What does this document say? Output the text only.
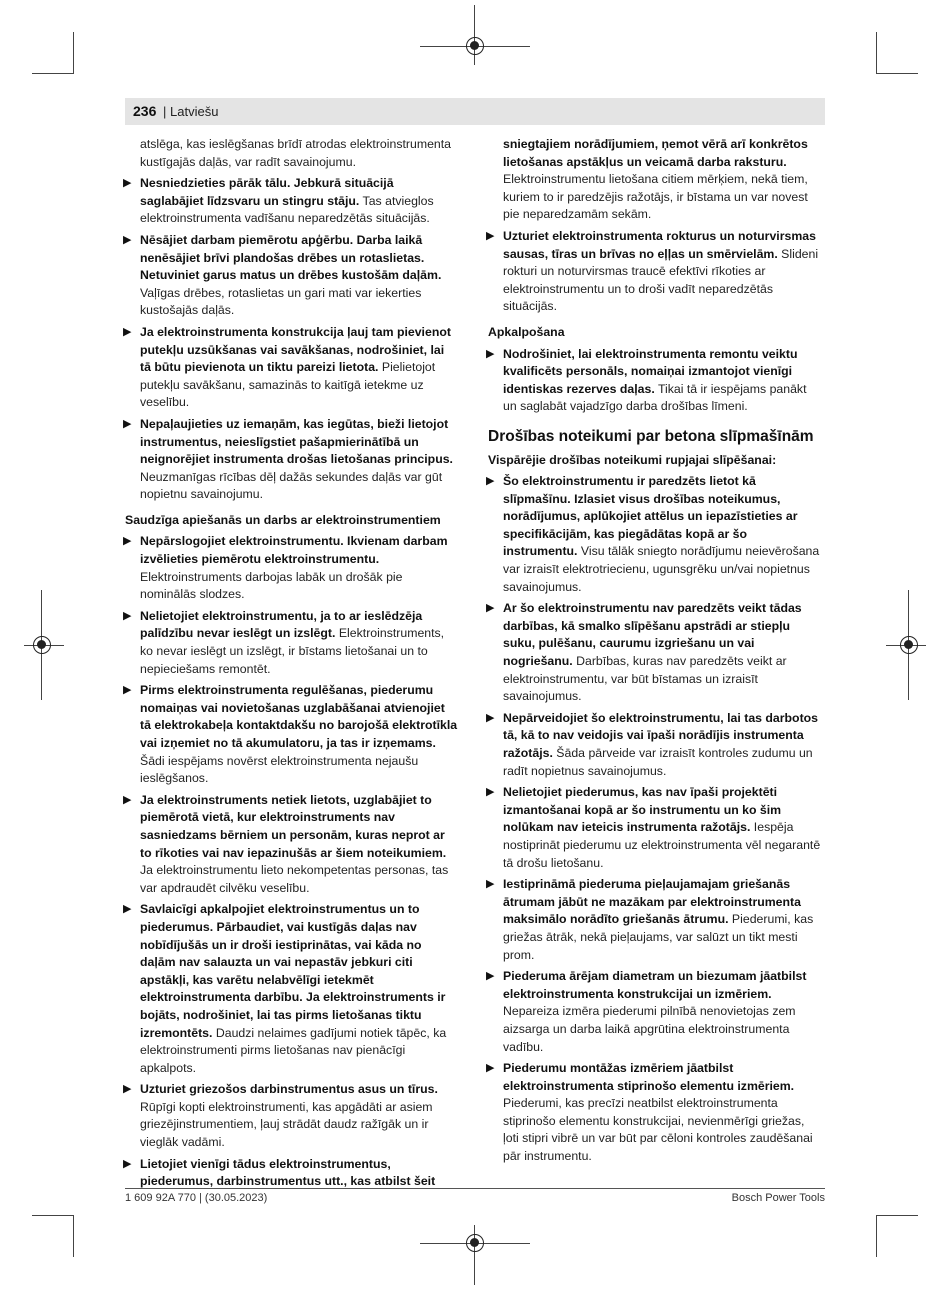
236 | Latviešu

atslēga, kas ieslēgšanas brīdī atrodas elektroinstrumenta kustīgajās daļās, var radīt savainojumu.

▶ Nesniedzieties pārāk tālu. Jebkurā situācijā saglabājiet līdzsvaru un stingru stāju. Tas atvieglos elektroinstrumenta vadīšanu neparedzētās situācijās.
▶ Nēsājiet darbam piemērotu apģērbu. Darba laikā nenēsājiet brīvi plandošas drēbes un rotaslietas. Netuviniet garus matus un drēbes kustošām daļām. Vaļīgas drēbes, rotaslietas un gari mati var iekerties kustošajās daļās.
▶ Ja elektroinstrumenta konstrukcija ļauj tam pievienot putekļu uzsūkšanas vai savākšanas, nodrošiniet, lai tā būtu pievienota un tiktu pareizi lietota. Pielietojot putekļu savākšanu, samazinās to kaitīgā ietekme uz veselību.
▶ Nepaļaujieties uz iemaņām, kas iegūtas, bieži lietojot instrumentus, neieslīgstiet pašapmierinātībā un neignorējiet instrumenta drošas lietošanas principus. Neuzmanīgas rīcības dēļ dažās sekundes daļās var gūt nopietnu savainojumu.
Saudzīga apiešanās un darbs ar elektroinstrumentiem
▶ Nepārslogojiet elektroinstrumentu. Ikvienam darbam izvēlieties piemērotu elektroinstrumentu. Elektroinstruments darbojas labāk un drošāk pie nominālās slodzes.
▶ Nelietojiet elektroinstrumentu, ja to ar ieslēdzēja palīdzību nevar ieslēgt un izslēgt. Elektroinstruments, ko nevar ieslēgt un izslēgt, ir bīstams lietošanai un to nepieciešams remontēt.
▶ Pirms elektroinstrumenta regulēšanas, piederumu nomaiņas vai novietošanas uzglabāšanai atvienojiet tā elektrokabeļa kontaktdakšu no barojošā elektrotīkla vai izņemiet no tā akumulatoru, ja tas ir izņemams. Šādi iespējams novērst elektroinstrumenta nejaušu ieslēgšanos.
▶ Ja elektroinstruments netiek lietots, uzglabājiet to piemērotā vietā, kur elektroinstruments nav sasniedzams bērniem un personām, kuras neprot ar to rīkoties vai nav iepazinušās ar šiem noteikumiem. Ja elektroinstrumentu lieto nekompetentas personas, tas var apdraudēt cilvēku veselību.
▶ Savlaicīgi apkalpojiet elektroinstrumentus un to piederumus. Pārbaudiet, vai kustīgās daļas nav nobīdījušās un ir droši iestiprinātas, vai kāda no daļām nav salauzta un vai nepastāv jebkuri citi apstākļi, kas varētu nelabvēlīgi ietekmēt elektroinstrumenta darbību. Ja elektroinstruments ir bojāts, nodrošiniet, lai tas pirms lietošanas tiktu izremontēts. Daudzi nelaimes gadījumi notiek tāpēc, ka elektroinstrumenti pirms lietošanas nav pienācīgi apkalpots.
▶ Uzturiet griezošos darbinstrumentus asus un tīrus. Rūpīgi kopti elektroinstrumenti, kas apgādāti ar asiem griezējinstrumentiem, ļauj strādāt daudz ražīgāk un ir vieglāk vadāmi.
▶ Lietojiet vienīgi tādus elektroinstrumentus, piederumus, darbinstrumentus utt., kas atbilst šeit

sniegtajiem norādījumiem, ņemot vērā arī konkrētos lietošanas apstākļus un veicamā darba raksturu. Elektroinstrumentu lietošana citiem mērķiem, nekā tiem, kuriem to ir paredzējis ražotājs, ir bīstama un var novest pie neparedzamām sekām.

▶ Uzturiet elektroinstrumenta rokturus un noturvirsmas sausas, tīras un brīvas no eļļas un smērvielām. Slideni rokturi un noturvirsmas traucē efektīvi rīkoties ar elektroinstrumentu un to droši vadīt neparedzētās situācijās.
Apkalpošana
▶ Nodrošiniet, lai elektroinstrumenta remontu veiktu kvalificēts personāls, nomaiņai izmantojot vienīgi identiskas rezerves daļas. Tikai tā ir iespējams panākt un saglabāt vajadzīgo darba drošības līmeni.
Drošības noteikumi par betona slīpmašīnām
Vispārējie drošības noteikumi rupjajai slīpēšanai:
▶ Šo elektroinstrumentu ir paredzēts lietot kā slīpmašīnu. Izlasiet visus drošības noteikumus, norādījumus, aplūkojiet attēlus un iepazīstieties ar specifikācijām, kas piegādātas kopā ar šo instrumentu. Visu tālāk sniegto norādījumu neievērošana var izraisīt elektrotriecienu, ugunsgrēku un/vai nopietnus savainojumus.
▶ Ar šo elektroinstrumentu nav paredzēts veikt tādas darbības, kā smalko slīpēšanu apstrādi ar stiepļu suku, pulēšanu, caurumu izgriešanu un vai nogriešanu. Darbības, kuras nav paredzēts veikt ar elektroinstrumentu, var būt bīstamas un izraisīt savainojumus.
▶ Nepārveidojiet šo elektroinstrumentu, lai tas darbotos tā, kā to nav veidojis vai īpaši norādījis instrumenta ražotājs. Šāda pārveide var izraisīt kontroles zudumu un radīt nopietnus savainojumus.
▶ Nelietojiet piederumus, kas nav īpaši projektēti izmantošanai kopā ar šo instrumentu un ko šim nolūkam nav ieteicis instrumenta ražotājs. Iespēja nostiprināt piederumu uz elektroinstrumenta vēl negarantē tā drošu lietošanu.
▶ Iestiprināmā piederuma pieļaujamajam griešanās ātrumam jābūt ne mazākam par elektroinstrumenta maksimālo norādīto griešanās ātrumu. Piederumi, kas griežas ātrāk, nekā pieļaujams, var salūzt un tikt mesti prom.
▶ Piederuma ārējam diametram un biezumam jāatbilst elektroinstrumenta konstrukcijai un izmēriem. Nepareiza izmēra piederumi pilnībā nenovietojas zem aizsarga un darba laikā apgrūtina elektroinstrumenta vadību.
▶ Piederumu montāžas izmēriem jāatbilst elektroinstrumenta stiprinošo elementu izmēriem. Piederumi, kas precīzi neatbilst elektroinstrumenta stiprinošo elementu konstrukcijai, nevienmērīgi griežas, ļoti stipri vibrē un var būt par cēloni kontroles zaudēšanai pār instrumentu.
1 609 92A 770 | (30.05.2023)	Bosch Power Tools
